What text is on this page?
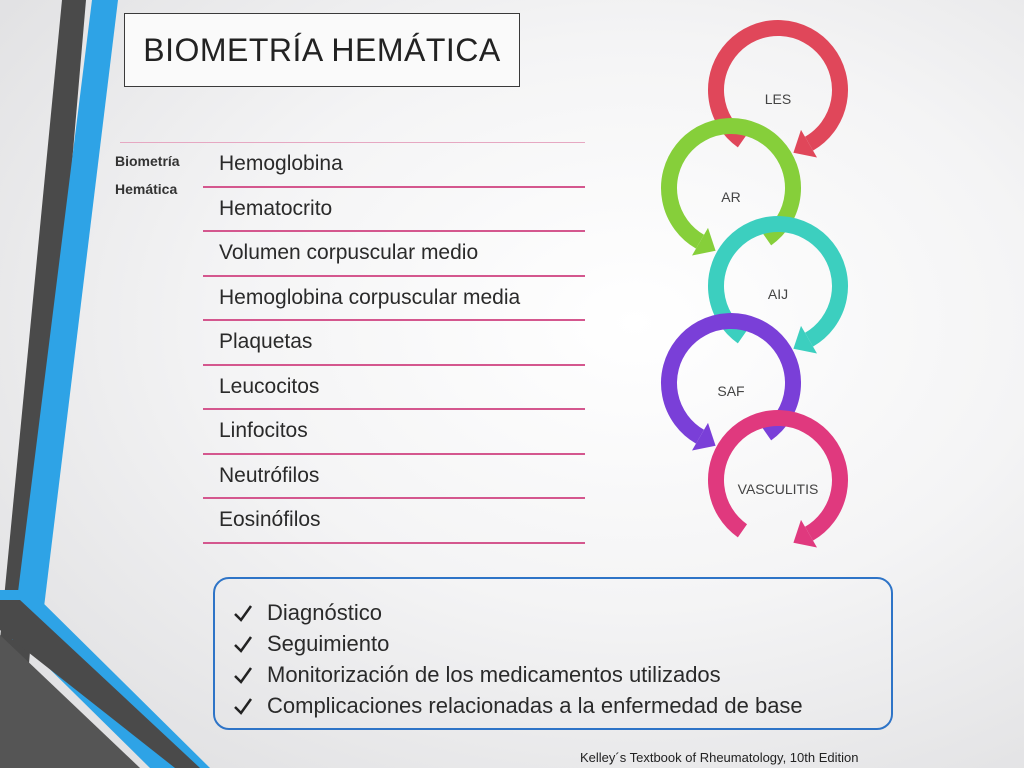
BIOMETRÍA HEMÁTICA
Biometría
Hemática
Hemoglobina
Hematocrito
Volumen corpuscular medio
Hemoglobina corpuscular media
Plaquetas
Leucocitos
Linfocitos
Neutrófilos
Eosinófilos
LES
AR
AIJ
SAF
VASCULITIS
Diagnóstico
Seguimiento
Monitorización de los medicamentos utilizados
Complicaciones relacionadas a la enfermedad de base
Kelley´s Textbook of Rheumatology, 10th Edition
